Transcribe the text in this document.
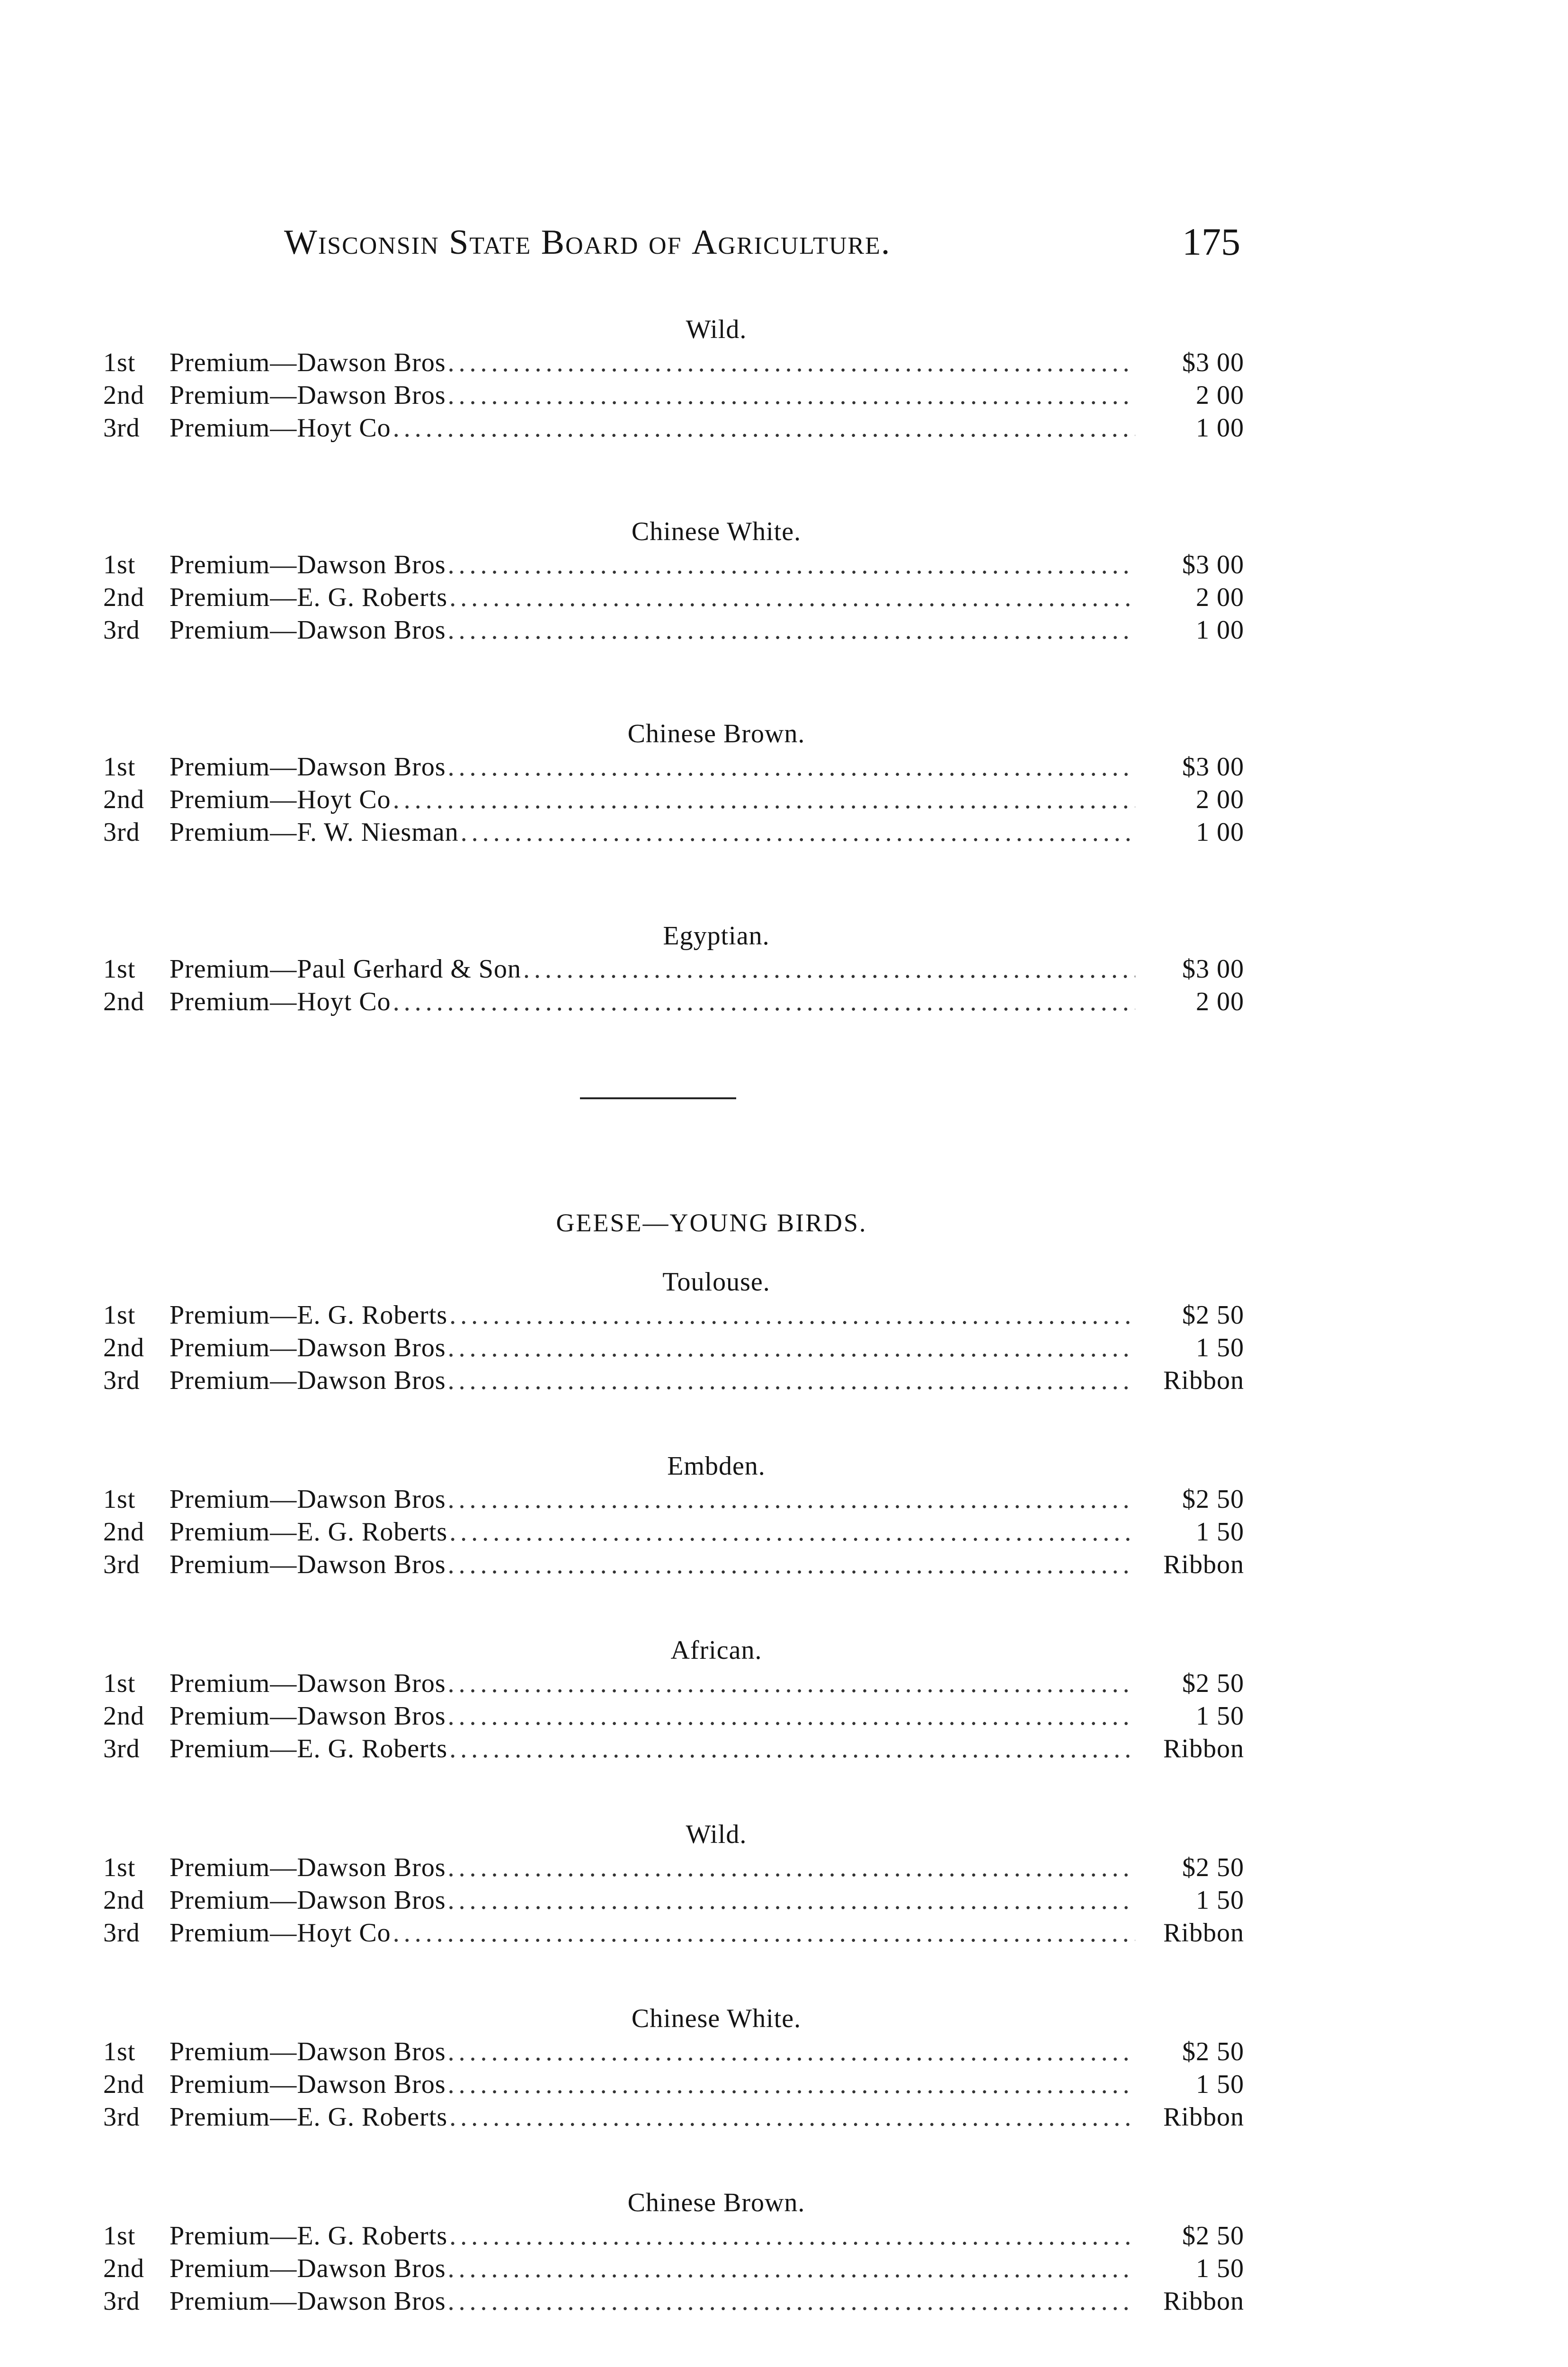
Wisconsin State Board of Agriculture.	175
Wild.
1st	Premium—Dawson Bros .....	$3 00
2nd Premium—Dawson Bros .....	2 00
3rd	Premium—Hoyt Co .....	1 00
Chinese White.
1st	Premium—Dawson Bros .....	$3 00
2nd Premium—E. G. Roberts .....	2 00
3rd	Premium—Dawson Bros .....	1 00
Chinese Brown.
1st	Premium—Dawson Bros .....	$3 00
2nd Premium—Hoyt Co .....	2 00
3rd	Premium—F. W. Niesman .....	1 00
Egyptian.
1st	Premium—Paul Gerhard & Son .....	$3 00
2nd Premium—Hoyt Co .....	2 00
GEESE—YOUNG BIRDS.
Toulouse.
1st	Premium—E. G. Roberts .....	$2 50
2nd Premium—Dawson Bros .....	1 50
3rd	Premium—Dawson Bros .....	Ribbon
Embden.
1st	Premium—Dawson Bros .....	$2 50
2nd Premium—E. G. Roberts .....	1 50
3rd	Premium—Dawson Bros .....	Ribbon
African.
1st	Premium—Dawson Bros .....	$2 50
2nd Premium—Dawson Bros .....	1 50
3rd	Premium—E. G. Roberts .....	Ribbon
Wild.
1st	Premium—Dawson Bros .....	$2 50
2nd Premium—Dawson Bros .....	1 50
3rd	Premium—Hoyt Co .....	Ribbon
Chinese White.
1st	Premium—Dawson Bros .....	$2 50
2nd Premium—Dawson Bros .....	1 50
3rd	Premium—E. G. Roberts .....	Ribbon
Chinese Brown.
1st	Premium—E. G. Roberts .....	$2 50
2nd Premium—Dawson Bros .....	1 50
3rd	Premium—Dawson Bros .....	Ribbon
